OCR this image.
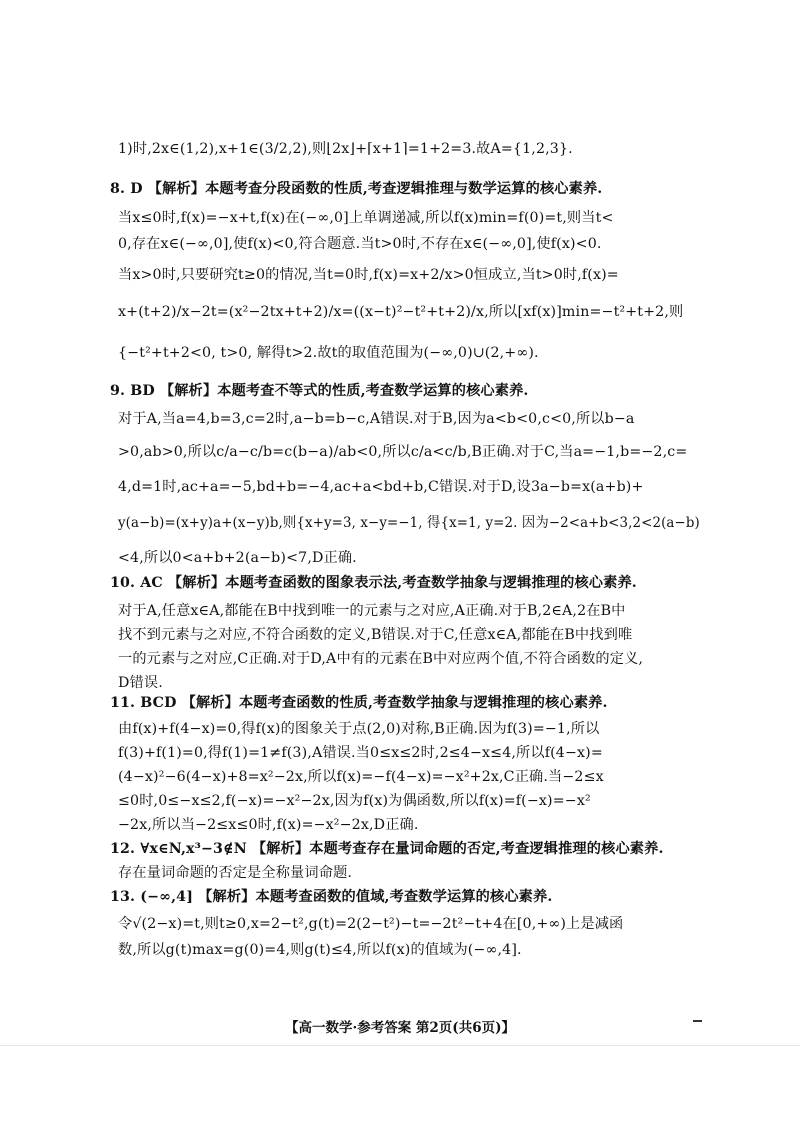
1)时,2x∈(1,2),x+1∈(3/2,2),则⌊2x⌋+⌈x+1⌉=1+2=3.故A={1,2,3}.
8. D 【解析】本题考查分段函数的性质,考查逻辑推理与数学运算的核心素养.
当x≤0时,f(x)=−x+t,f(x)在(−∞,0]上单调递减,所以f(x)min=f(0)=t,则当t<
0,存在x∈(−∞,0],使f(x)<0,符合题意.当t>0时,不存在x∈(−∞,0],使f(x)<0.
当x>0时,只要研究t≥0的情况,当t=0时,f(x)=x+2/x>0恒成立,当t>0时,f(x)=
x+(t+2)/x−2t=(x²−2tx+t+2)/x=((x−t)²−t²+t+2)/x,所以[xf(x)]min=−t²+t+2,则
{−t²+t+2<0, t>0, 解得t>2.故t的取值范围为(−∞,0)∪(2,+∞).
9. BD 【解析】本题考查不等式的性质,考查数学运算的核心素养.
对于A,当a=4,b=3,c=2时,a−b=b−c,A错误.对于B,因为a<b<0,c<0,所以b−a
>0,ab>0,所以c/a−c/b=c(b−a)/ab<0,所以c/a<c/b,B正确.对于C,当a=−1,b=−2,c=
4,d=1时,ac+a=−5,bd+b=−4,ac+a<bd+b,C错误.对于D,设3a−b=x(a+b)+
y(a−b)=(x+y)a+(x−y)b,则{x+y=3, x−y=−1, 得{x=1, y=2. 因为−2<a+b<3,2<2(a−b)
<4,所以0<a+b+2(a−b)<7,D正确.
10. AC 【解析】本题考查函数的图象表示法,考查数学抽象与逻辑推理的核心素养.
对于A,任意x∈A,都能在B中找到唯一的元素与之对应,A正确.对于B,2∈A,2在B中
找不到元素与之对应,不符合函数的定义,B错误.对于C,任意x∈A,都能在B中找到唯
一的元素与之对应,C正确.对于D,A中有的元素在B中对应两个值,不符合函数的定义,
D错误.
11. BCD 【解析】本题考查函数的性质,考查数学抽象与逻辑推理的核心素养.
由f(x)+f(4−x)=0,得f(x)的图象关于点(2,0)对称,B正确.因为f(3)=−1,所以
f(3)+f(1)=0,得f(1)=1≠f(3),A错误.当0≤x≤2时,2≤4−x≤4,所以f(4−x)=
(4−x)²−6(4−x)+8=x²−2x,所以f(x)=−f(4−x)=−x²+2x,C正确.当−2≤x
≤0时,0≤−x≤2,f(−x)=−x²−2x,因为f(x)为偶函数,所以f(x)=f(−x)=−x²
−2x,所以当−2≤x≤0时,f(x)=−x²−2x,D正确.
12. ∀x∈N,x³−3∉N 【解析】本题考查存在量词命题的否定,考查逻辑推理的核心素养.
存在量词命题的否定是全称量词命题.
13. (−∞,4] 【解析】本题考查函数的值域,考查数学运算的核心素养.
令√(2−x)=t,则t≥0,x=2−t²,g(t)=2(2−t²)−t=−2t²−t+4在[0,+∞)上是减函
数,所以g(t)max=g(0)=4,则g(t)≤4,所以f(x)的值域为(−∞,4].
【高一数学·参考答案 第2页(共6页)】
